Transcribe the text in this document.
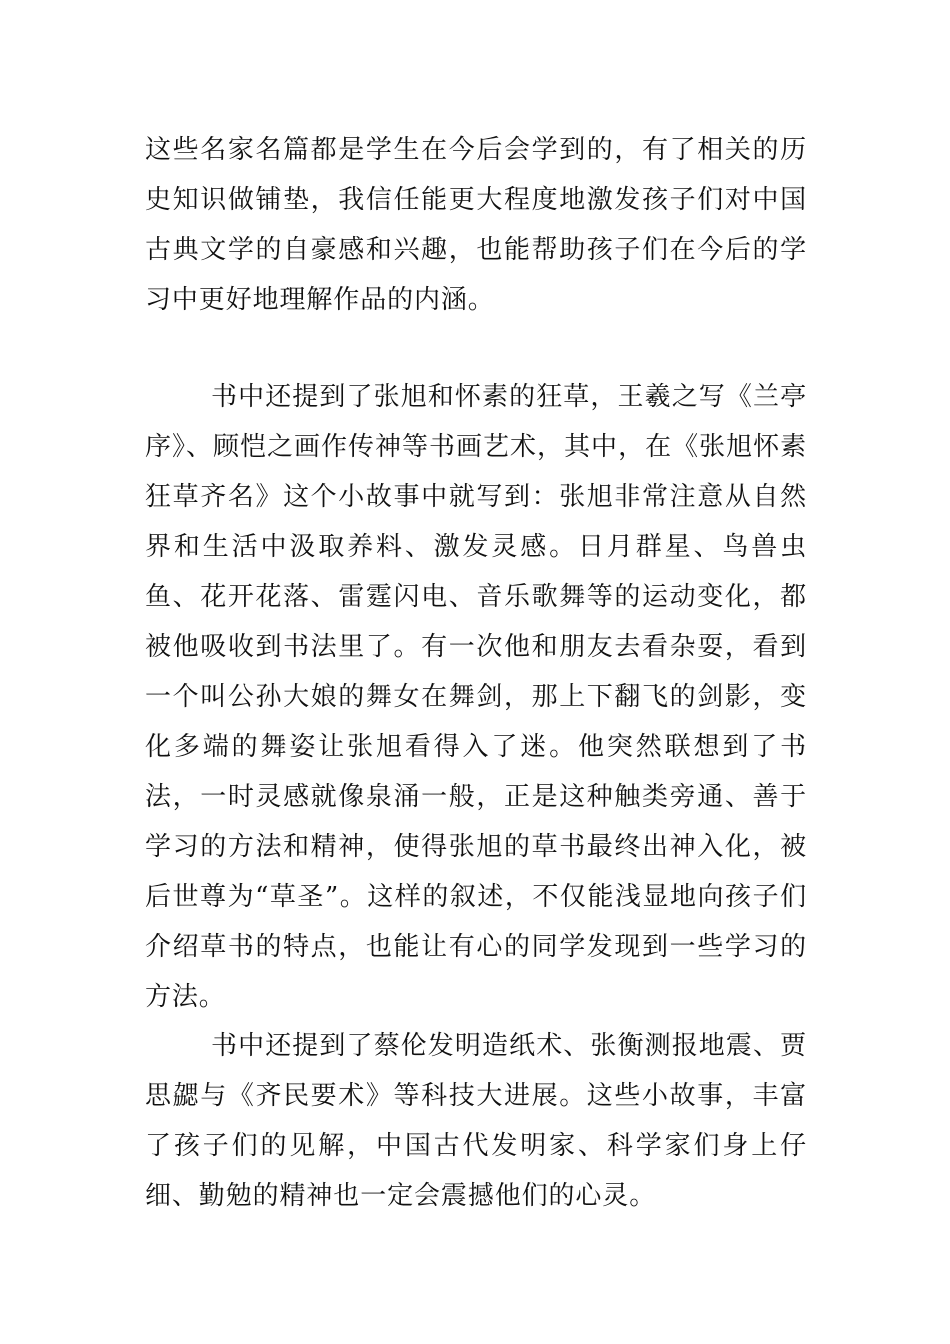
这些名家名篇都是学生在今后会学到的，有了相关的历史知识做铺垫，我信任能更大程度地激发孩子们对中国古典文学的自豪感和兴趣，也能帮助孩子们在今后的学习中更好地理解作品的内涵。

书中还提到了张旭和怀素的狂草，王羲之写《兰亭序》、顾恺之画作传神等书画艺术，其中，在《张旭怀素狂草齐名》这个小故事中就写到：张旭非常注意从自然界和生活中汲取养料、激发灵感。日月群星、鸟兽虫鱼、花开花落、雷霆闪电、音乐歌舞等的运动变化，都被他吸收到书法里了。有一次他和朋友去看杂耍，看到一个叫公孙大娘的舞女在舞剑，那上下翻飞的剑影，变化多端的舞姿让张旭看得入了迷。他突然联想到了书法，一时灵感就像泉涌一般，正是这种触类旁通、善于学习的方法和精神，使得张旭的草书最终出神入化，被后世尊为“草圣”。这样的叙述，不仅能浅显地向孩子们介绍草书的特点，也能让有心的同学发现到一些学习的方法。

书中还提到了蔡伦发明造纸术、张衡测报地震、贾思勰与《齐民要术》等科技大进展。这些小故事，丰富了孩子们的见解，中国古代发明家、科学家们身上仔细、勤勉的精神也一定会震撼他们的心灵。
